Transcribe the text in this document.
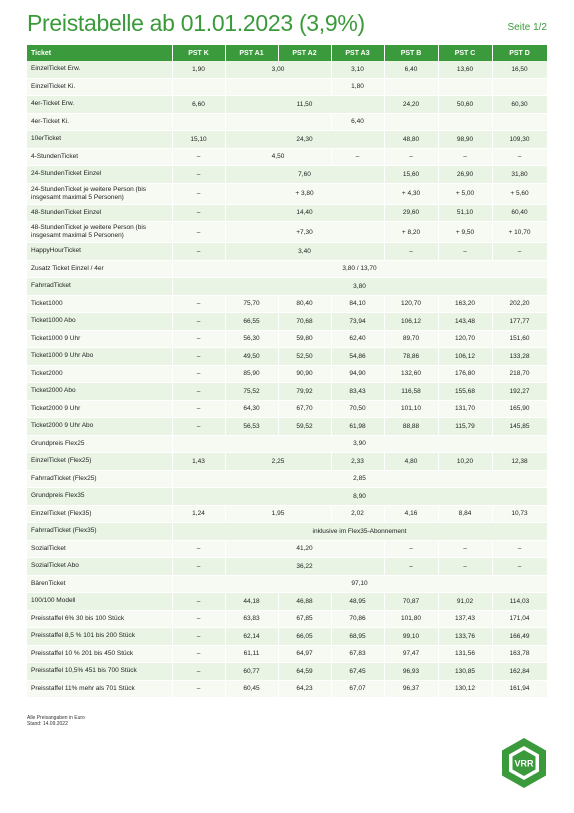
Preistabelle ab 01.01.2023 (3,9%)	Seite 1/2
Ticket	PST K	PST A1	PST A2	PST A3	PST B	PST C	PST D
EinzelTicket Erw.	1,90	3,00		3,10	6,40	13,60	16,50
EinzelTicket Ki.				1,80			
4er-Ticket Erw.	6,60	11,50			24,20	50,60	60,30
4er-Ticket Ki.				6,40			
10erTicket	15,10	24,30			48,80	98,90	109,30
4-StundenTicket	–	4,50		–	–	–	–
24-StundenTicket Einzel	–	7,60			15,60	26,90	31,80
24-StundenTicket je weitere Person (bis insgesamt maximal 5 Personen)	–	+ 3,80			+ 4,30	+ 5,00	+ 5,60
48-StundenTicket Einzel	–	14,40			29,60	51,10	60,40
48-StundenTicket je weitere Person (bis insgesamt maximal 5 Personen)	–	+7,30			+ 8,20	+ 9,50	+ 10,70
HappyHourTicket	–	3,40			–	–	–
Zusatz Ticket Einzel / 4er	3,80 / 13,70						
FahrradTicket	3,80						
Ticket1000	–	75,70	80,40	84,10	120,70	163,20	202,20
Ticket1000 Abo	–	66,55	70,68	73,94	106,12	143,48	177,77
Ticket1000 9 Uhr	–	56,30	59,80	62,40	89,70	120,70	151,60
Ticket1000 9 Uhr Abo	–	49,50	52,50	54,86	78,86	106,12	133,28
Ticket2000	–	85,90	90,90	94,90	132,60	176,80	218,70
Ticket2000 Abo	–	75,52	79,92	83,43	116,58	155,68	192,27
Ticket2000 9 Uhr	–	64,30	67,70	70,50	101,10	131,70	165,90
Ticket2000 9 Uhr Abo	–	56,53	59,52	61,98	88,88	115,79	145,85
Grundpreis Flex25	3,90						
EinzelTicket (Flex25)	1,43	2,25		2,33	4,80	10,20	12,38
FahrradTicket (Flex25)	2,85						
Grundpreis Flex35	8,90						
EinzelTicket (Flex35)	1,24	1,95		2,02	4,16	8,84	10,73
FahrradTicket (Flex35)	inklusive im Flex35-Abonnement						
SozialTicket	–	41,20			–	–	–
SozialTicket Abo	–	36,22			–	–	–
BärenTicket	97,10						
100/100 Modell	–	44,18	46,88	48,95	70,87	91,02	114,03
Preisstaffel 6% 30 bis 100 Stück	–	63,83	67,85	70,86	101,80	137,43	171,04
Preisstaffel 8,5 % 101 bis 200 Stück	–	62,14	66,05	68,95	99,10	133,76	166,49
Preisstaffel 10 % 201 bis 450 Stück	–	61,11	64,97	67,83	97,47	131,56	163,78
Preisstaffel 10,5% 451 bis 700 Stück	–	60,77	64,59	67,45	96,93	130,85	162,84
Preisstaffel 11% mehr als 701 Stück	–	60,45	64,23	67,07	96,37	130,12	161,94
Alle Preisangaben in Euro
Stand: 14.09.2022
VRR
